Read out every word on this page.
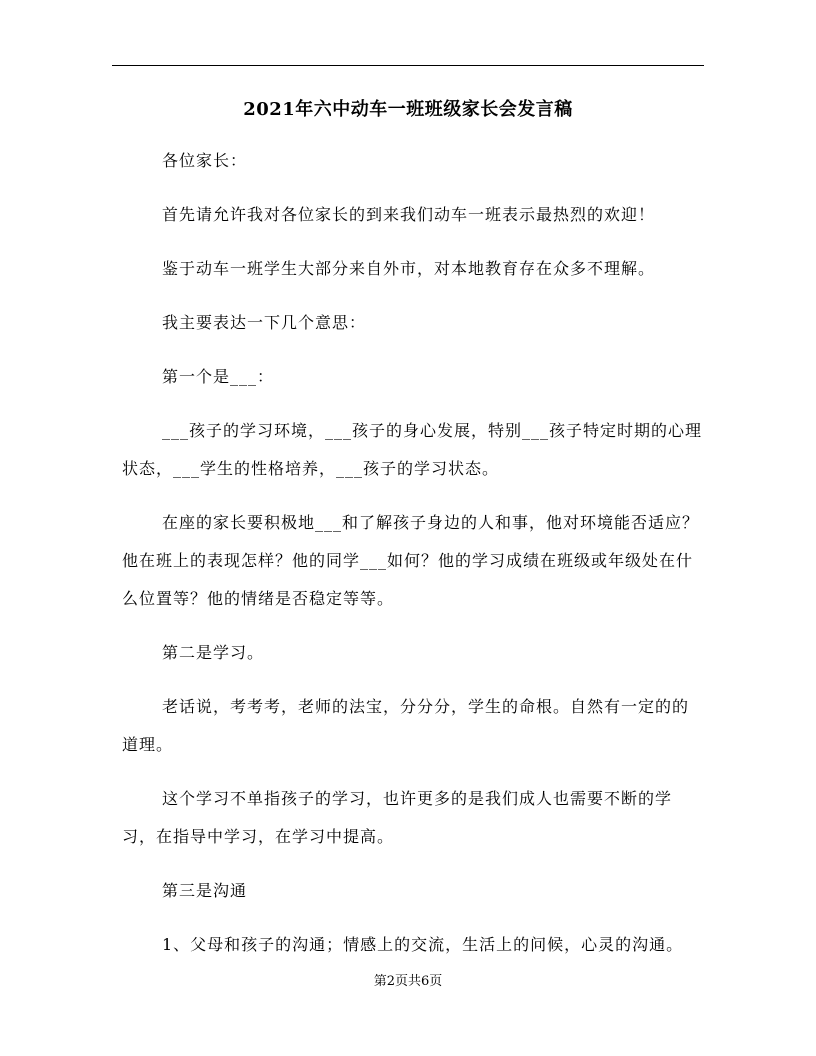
2021年六中动车一班班级家长会发言稿

各位家长：

首先请允许我对各位家长的到来我们动车一班表示最热烈的欢迎！

鉴于动车一班学生大部分来自外市，对本地教育存在众多不理解。

我主要表达一下几个意思：

第一个是___：

___孩子的学习环境，___孩子的身心发展，特别___孩子特定时期的心理状态，___学生的性格培养，___孩子的学习状态。

在座的家长要积极地___和了解孩子身边的人和事，他对环境能否适应？他在班上的表现怎样？他的同学___如何？他的学习成绩在班级或年级处在什么位置等？他的情绪是否稳定等等。

第二是学习。

老话说，考考考，老师的法宝，分分分，学生的命根。自然有一定的的道理。

这个学习不单指孩子的学习，也许更多的是我们成人也需要不断的学习，在指导中学习，在学习中提高。

第三是沟通

1、父母和孩子的沟通；情感上的交流，生活上的问候，心灵的沟通。

第2页共6页
